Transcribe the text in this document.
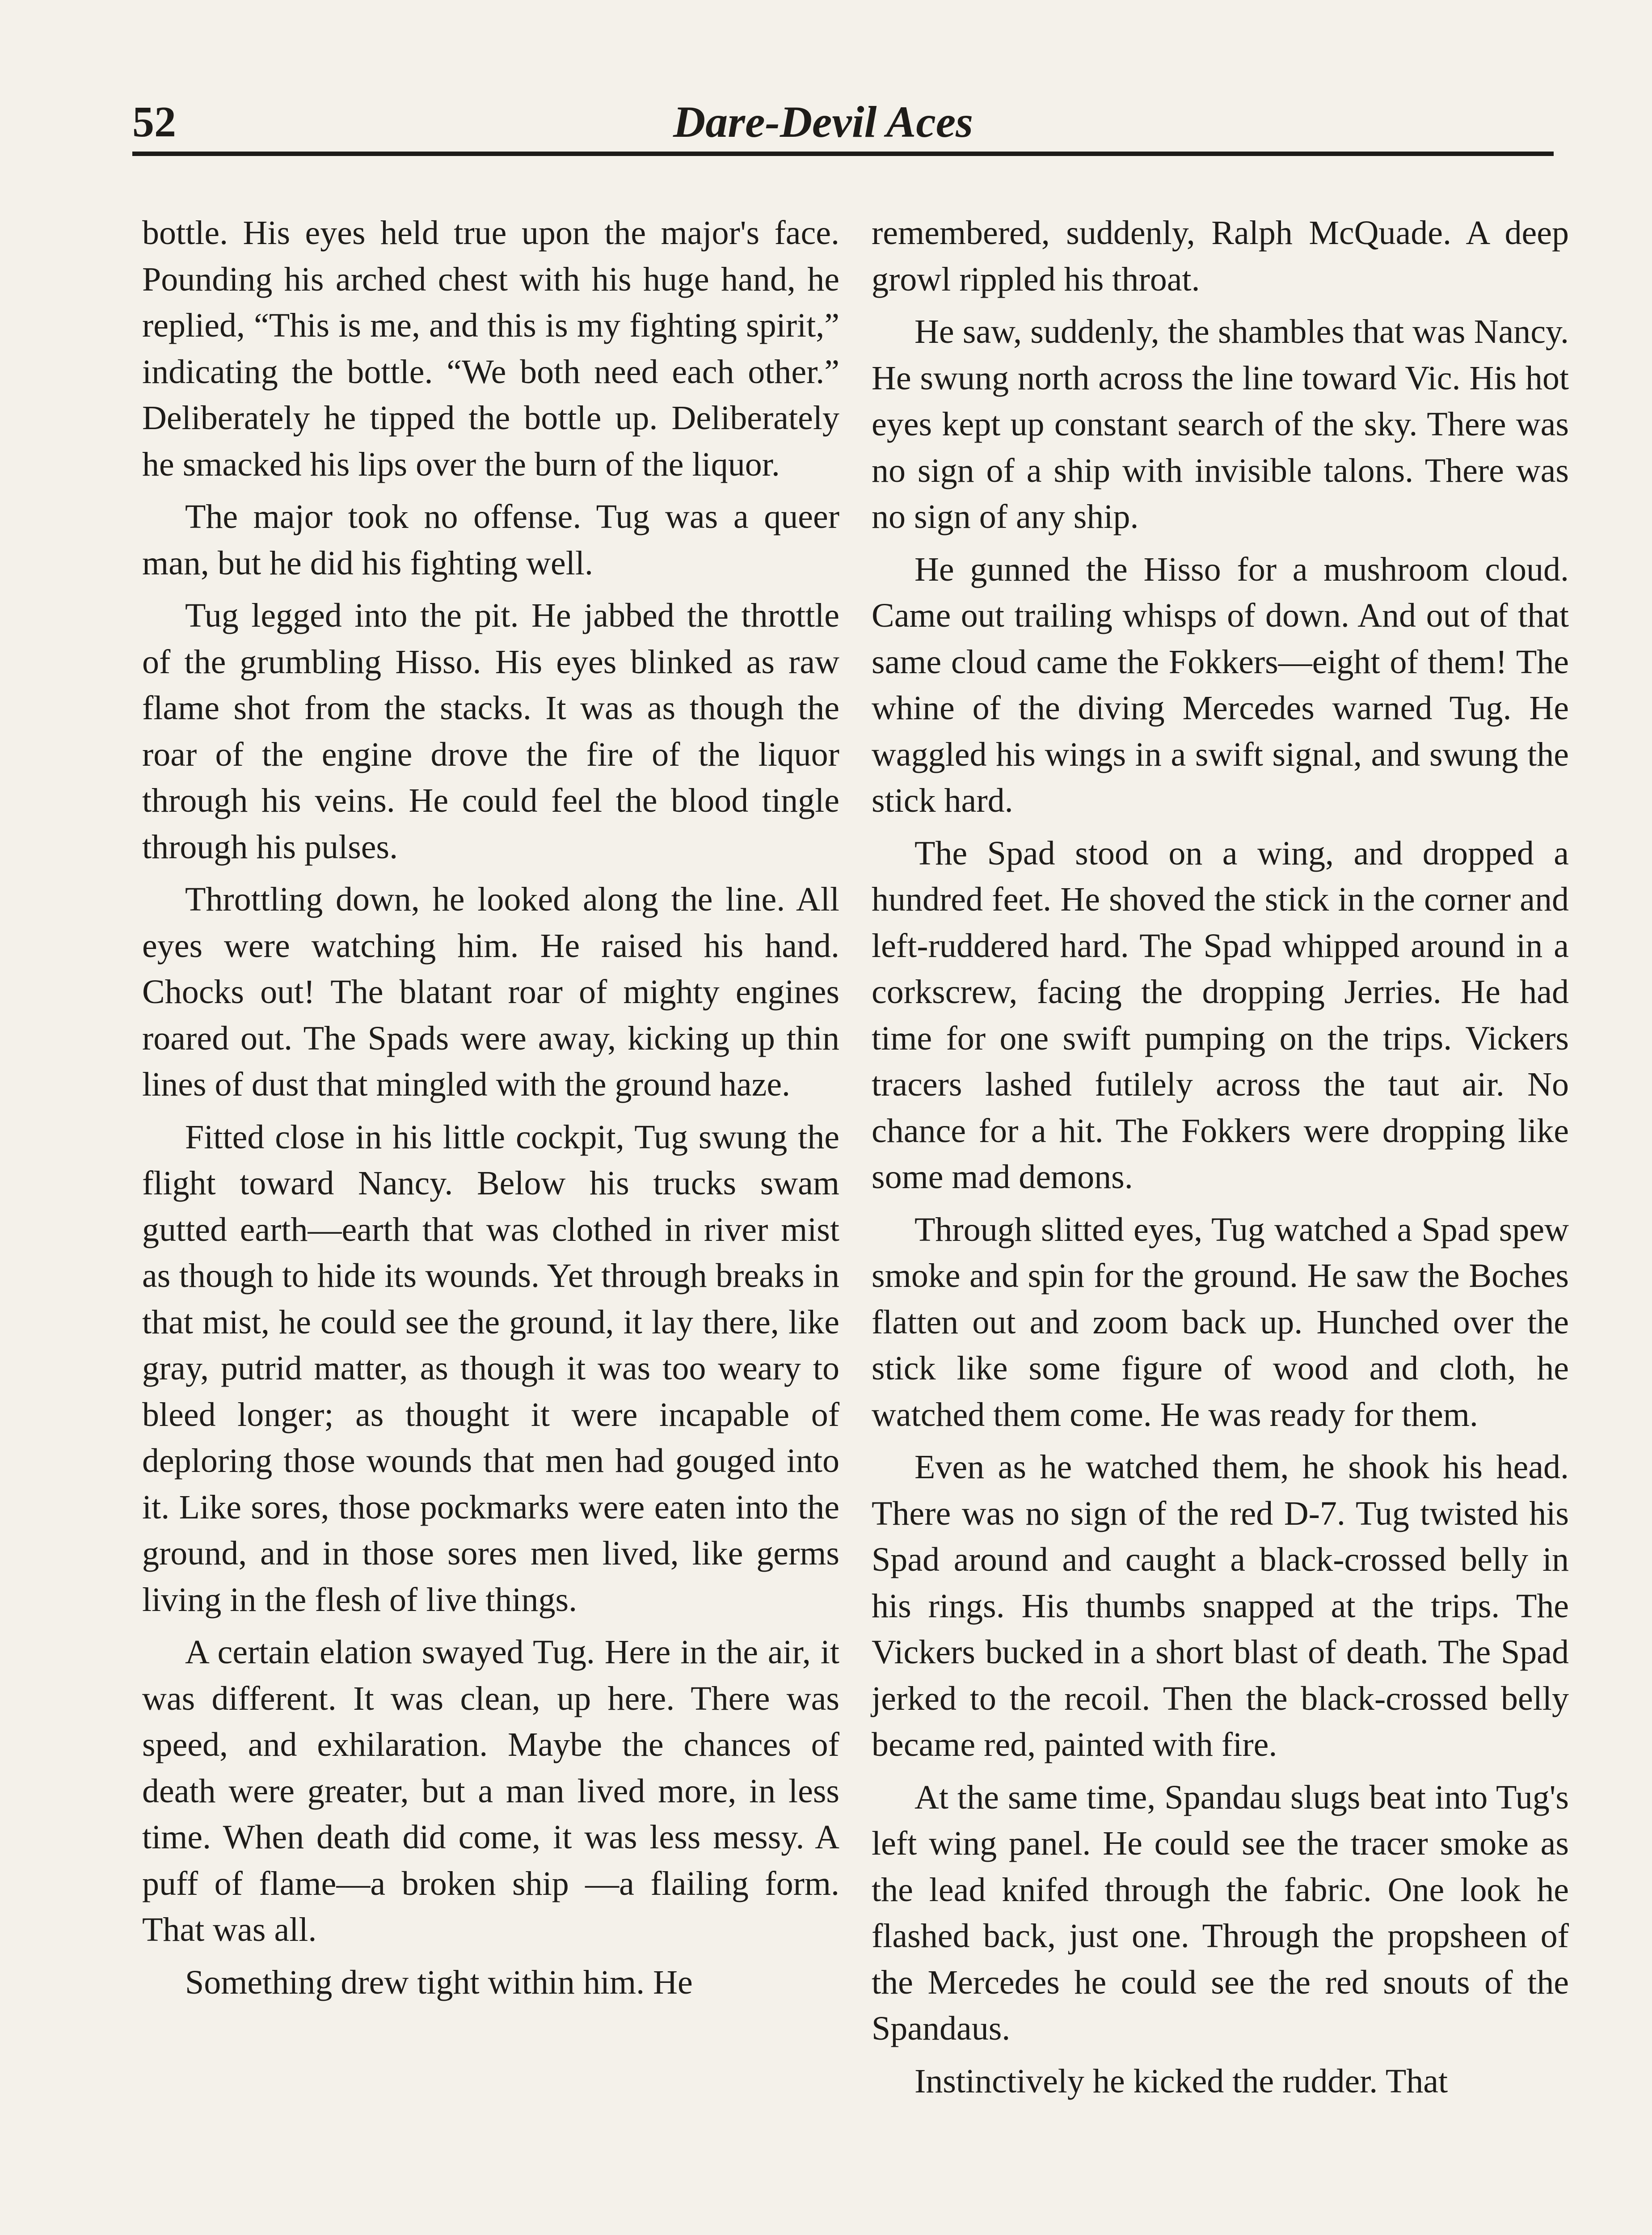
52	Dare-Devil Aces

bottle. His eyes held true upon the major's face. Pounding his arched chest with his huge hand, he replied, “This is me, and this is my fighting spirit,” indicating the bottle. “We both need each other.” Deliberately he tipped the bottle up. Deliberately he smacked his lips over the burn of the liquor.

The major took no offense. Tug was a queer man, but he did his fighting well.

Tug legged into the pit. He jabbed the throttle of the grumbling Hisso. His eyes blinked as raw flame shot from the stacks. It was as though the roar of the engine drove the fire of the liquor through his veins. He could feel the blood tingle through his pulses.

Throttling down, he looked along the line. All eyes were watching him. He raised his hand. Chocks out! The blatant roar of mighty engines roared out. The Spads were away, kicking up thin lines of dust that mingled with the ground haze.

Fitted close in his little cockpit, Tug swung the flight toward Nancy. Below his trucks swam gutted earth—earth that was clothed in river mist as though to hide its wounds. Yet through breaks in that mist, he could see the ground, it lay there, like gray, putrid matter, as though it was too weary to bleed longer; as thought it were incapable of deploring those wounds that men had gouged into it. Like sores, those pockmarks were eaten into the ground, and in those sores men lived, like germs living in the flesh of live things.

A certain elation swayed Tug. Here in the air, it was different. It was clean, up here. There was speed, and exhilaration. Maybe the chances of death were greater, but a man lived more, in less time. When death did come, it was less messy. A puff of flame—a broken ship —a flailing form. That was all.

Something drew tight within him. He

remembered, suddenly, Ralph McQuade. A deep growl rippled his throat.

He saw, suddenly, the shambles that was Nancy. He swung north across the line toward Vic. His hot eyes kept up constant search of the sky. There was no sign of a ship with invisible talons. There was no sign of any ship.

He gunned the Hisso for a mushroom cloud. Came out trailing whisps of down. And out of that same cloud came the Fokkers—eight of them! The whine of the diving Mercedes warned Tug. He waggled his wings in a swift signal, and swung the stick hard.

The Spad stood on a wing, and dropped a hundred feet. He shoved the stick in the corner and left-ruddered hard. The Spad whipped around in a corkscrew, facing the dropping Jerries. He had time for one swift pumping on the trips. Vickers tracers lashed futilely across the taut air. No chance for a hit. The Fokkers were dropping like some mad demons.

Through slitted eyes, Tug watched a Spad spew smoke and spin for the ground. He saw the Boches flatten out and zoom back up. Hunched over the stick like some figure of wood and cloth, he watched them come. He was ready for them.

Even as he watched them, he shook his head. There was no sign of the red D-7. Tug twisted his Spad around and caught a black-crossed belly in his rings. His thumbs snapped at the trips. The Vickers bucked in a short blast of death. The Spad jerked to the recoil. Then the black-crossed belly became red, painted with fire.

At the same time, Spandau slugs beat into Tug's left wing panel. He could see the tracer smoke as the lead knifed through the fabric. One look he flashed back, just one. Through the propsheen of the Mercedes he could see the red snouts of the Spandaus.

Instinctively he kicked the rudder. That
